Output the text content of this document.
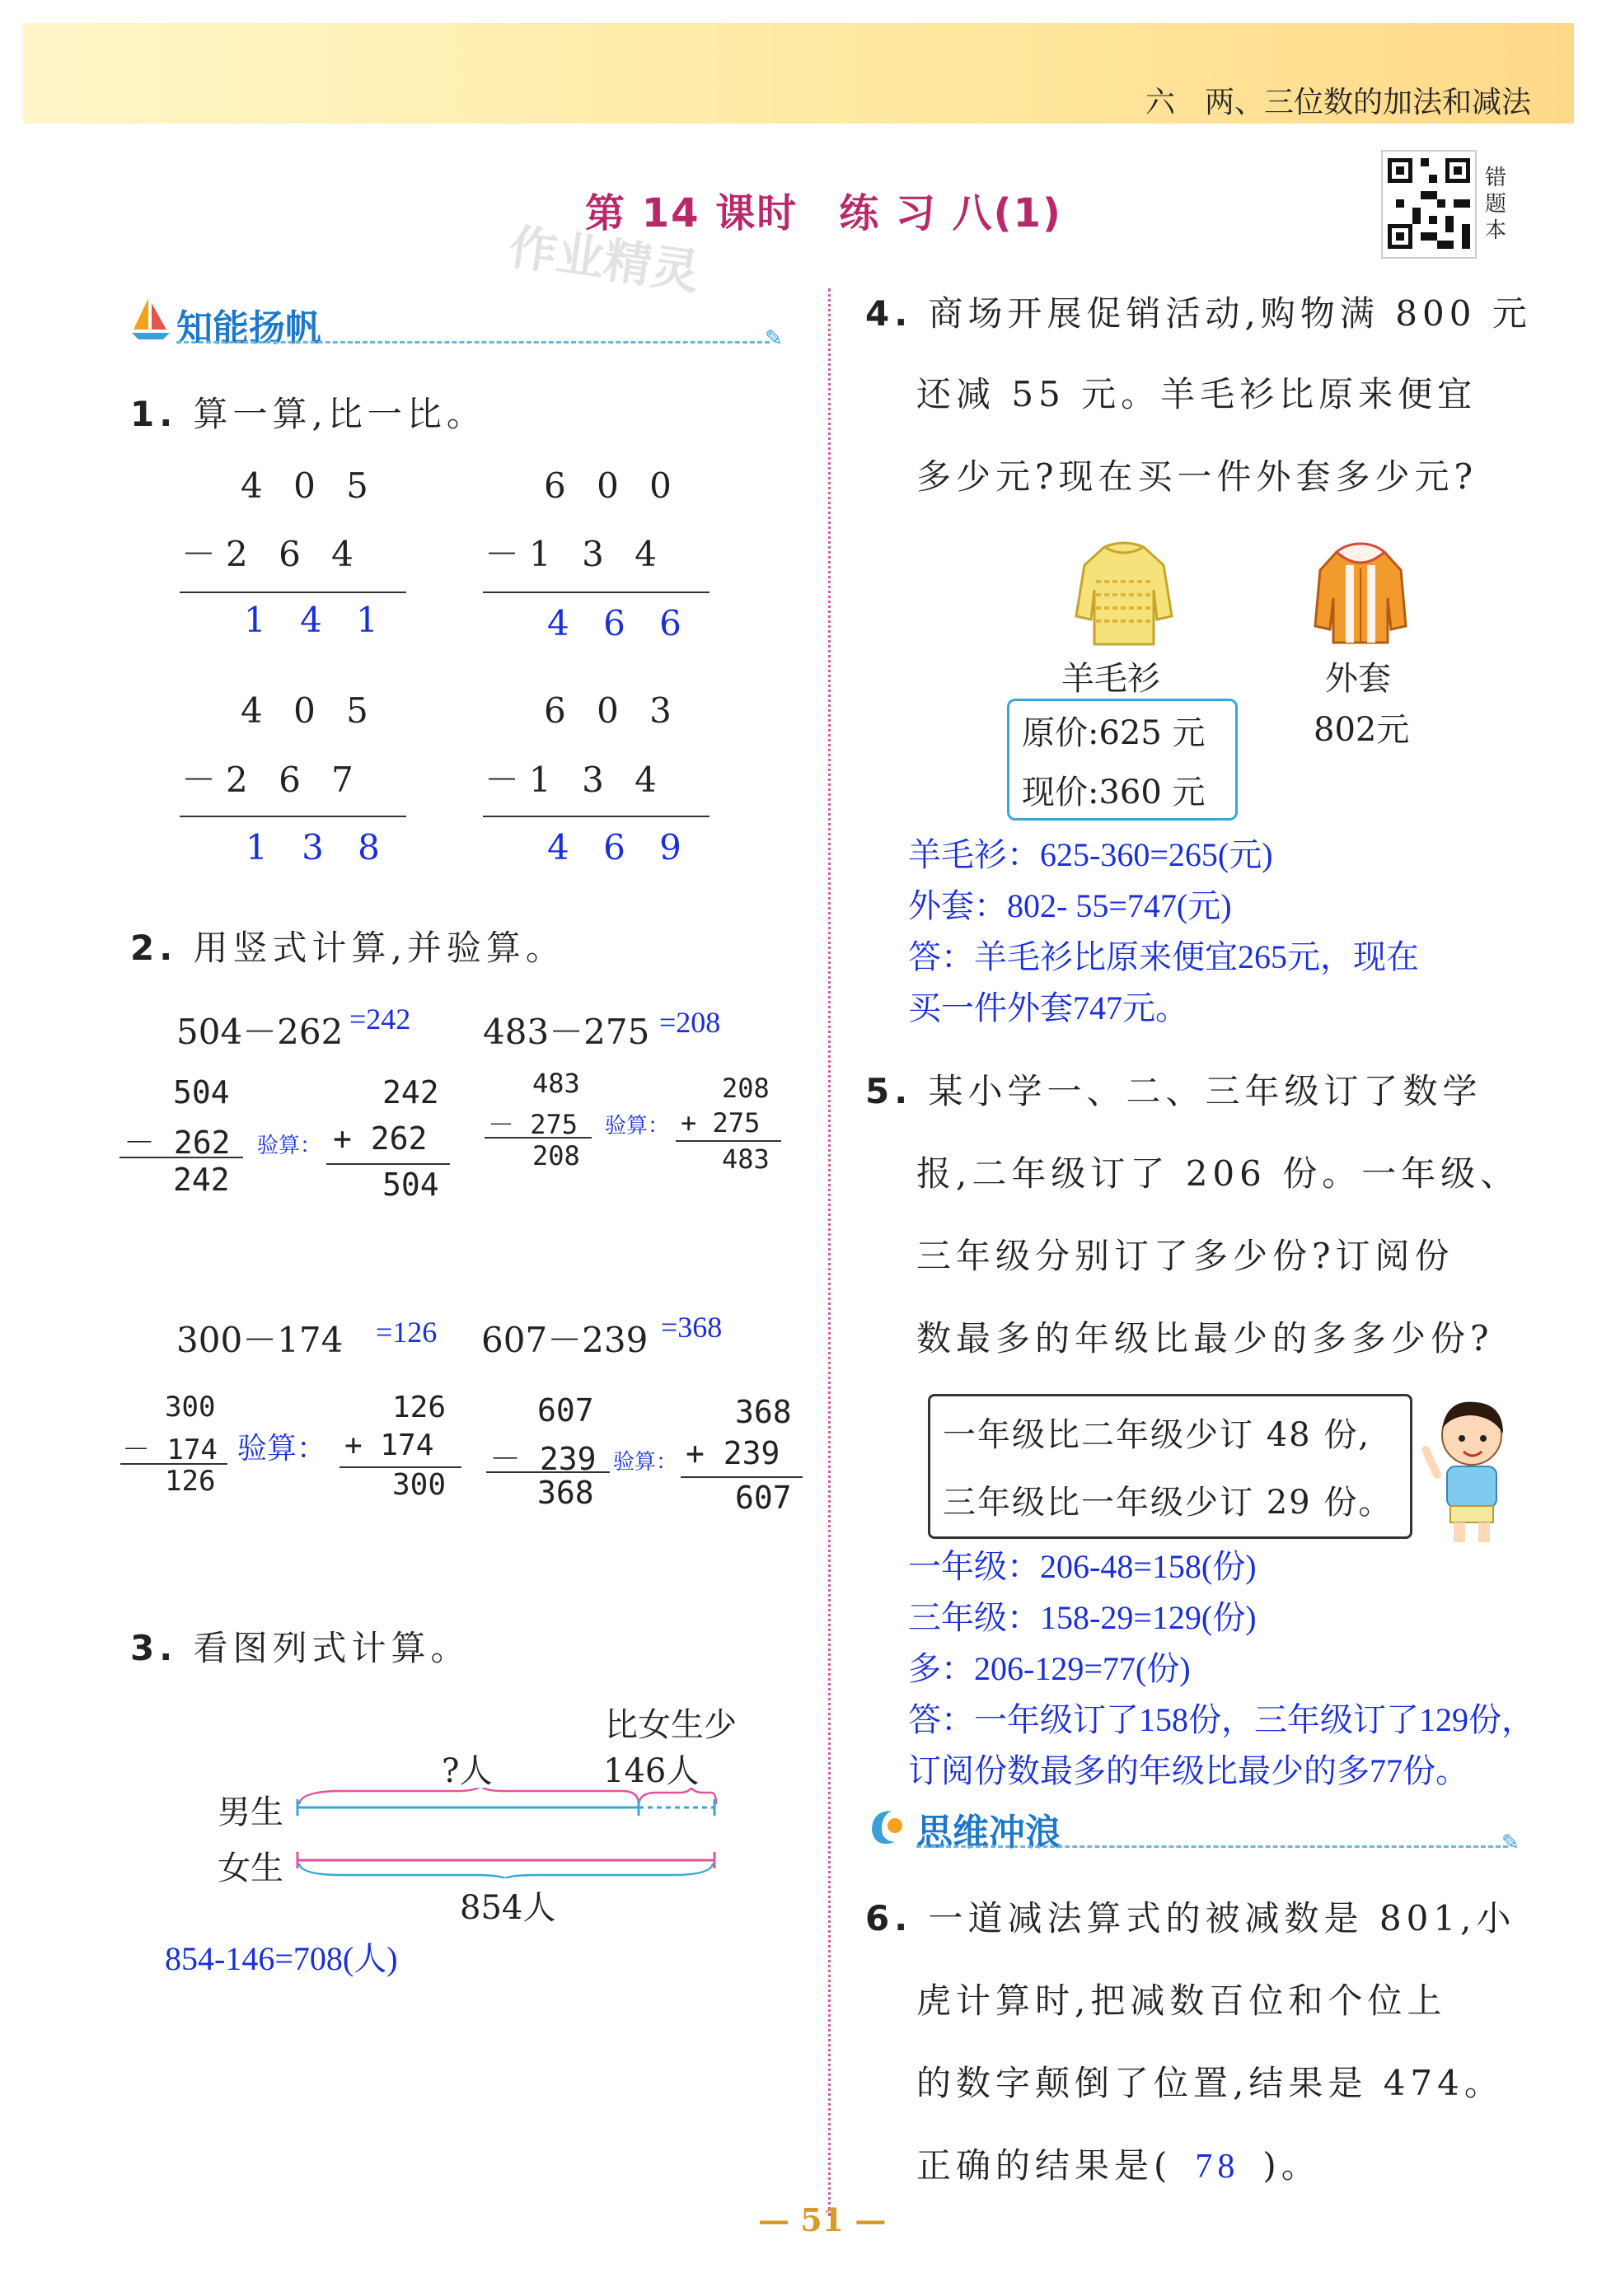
六　两、三位数的加法和减法
第 14 课时　练 习 八(1)
作业精灵
错题本
知能扬帆	✎
1. 算一算,比一比。
4 0 5
－2 6 4
1 4 1
6 0 0
－1 3 4
4 6 6
4 0 5
－2 6 7
1 3 8
6 0 3
－1 3 4
4 6 9
2. 用竖式计算,并验算。
504－262 =242
504
－ 262
242
验算：
242
+ 262
504
483－275 =208
483
－ 275
208
验算：
208
+ 275
483
300－174 =126
300
－ 174
126
验算：
126
+ 174
300
607－239 =368
607
－ 239
368
验算：
368
+ 239
607
3. 看图列式计算。
比女生少
?人	146人
男生
女生
854人
854-146=708(人)
4. 商场开展促销活动,购物满 800 元
还减 55 元。羊毛衫比原来便宜
多少元?现在买一件外套多少元?
羊毛衫	外套
原价:625 元
现价:360 元
802元
羊毛衫：625-360=265(元)
外套：802- 55=747(元)
答：羊毛衫比原来便宜265元，现在
买一件外套747元。
5. 某小学一、二、三年级订了数学
报,二年级订了 206 份。一年级、
三年级分别订了多少份?订阅份
数最多的年级比最少的多多少份?
一年级比二年级少订 48 份,
三年级比一年级少订 29 份。
一年级：206-48=158(份)
三年级：158-29=129(份)
多：206-129=77(份)
答：一年级订了158份，三年级订了129份，
订阅份数最多的年级比最少的多77份。
思维冲浪	✎
6. 一道减法算式的被减数是 801,小
虎计算时,把减数百位和个位上
的数字颠倒了位置,结果是 474。
正确的结果是( 78 )。
— 51 —
